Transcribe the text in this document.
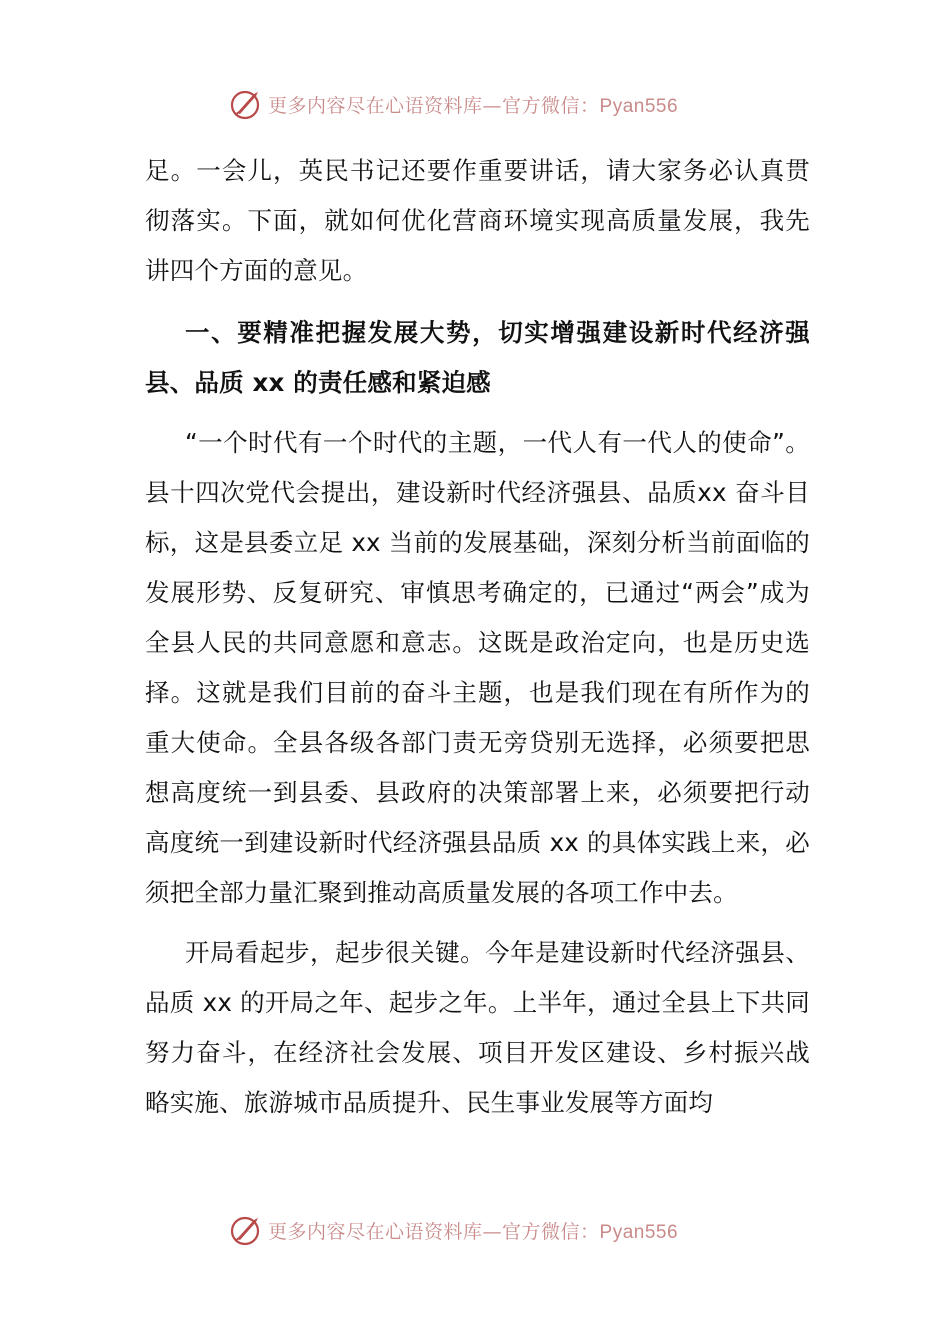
更多内容尽在心语资料库—官方微信：Pyan556

足。一会儿，英民书记还要作重要讲话，请大家务必认真贯彻落实。下面，就如何优化营商环境实现高质量发展，我先讲四个方面的意见。

一、要精准把握发展大势，切实增强建设新时代经济强县、品质 xx 的责任感和紧迫感

“一个时代有一个时代的主题，一代人有一代人的使命”。县十四次党代会提出，建设新时代经济强县、品质xx 奋斗目标，这是县委立足 xx 当前的发展基础，深刻分析当前面临的发展形势、反复研究、审慎思考确定的，已通过“两会”成为全县人民的共同意愿和意志。这既是政治定向，也是历史选择。这就是我们目前的奋斗主题，也是我们现在有所作为的重大使命。全县各级各部门责无旁贷别无选择，必须要把思想高度统一到县委、县政府的决策部署上来，必须要把行动高度统一到建设新时代经济强县品质 xx 的具体实践上来，必须把全部力量汇聚到推动高质量发展的各项工作中去。

开局看起步，起步很关键。今年是建设新时代经济强县、品质 xx 的开局之年、起步之年。上半年，通过全县上下共同努力奋斗，在经济社会发展、项目开发区建设、乡村振兴战略实施、旅游城市品质提升、民生事业发展等方面均

更多内容尽在心语资料库—官方微信：Pyan556
